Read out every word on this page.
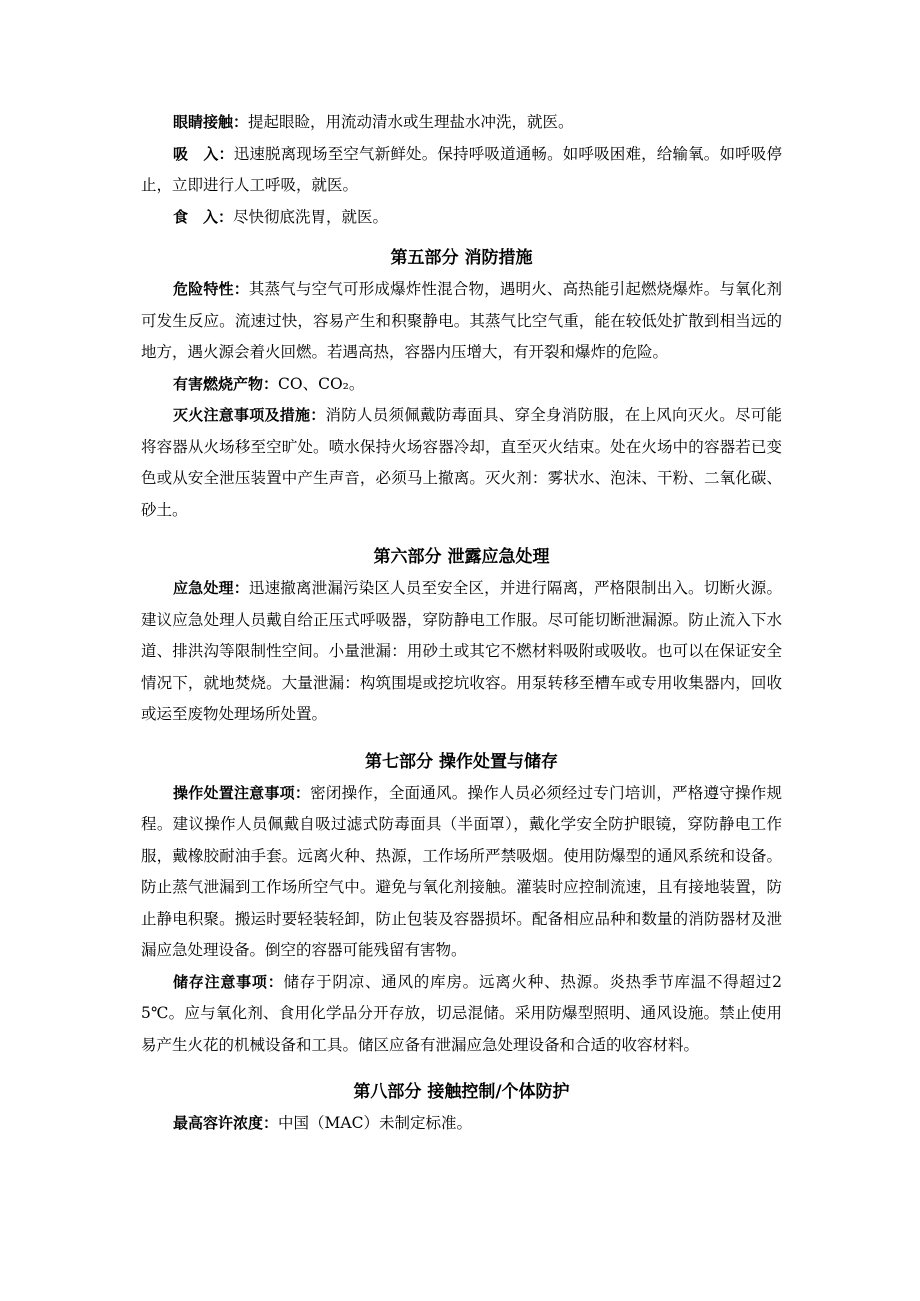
眼睛接触：提起眼睑，用流动清水或生理盐水冲洗，就医。

吸　入：迅速脱离现场至空气新鲜处。保持呼吸道通畅。如呼吸困难，给输氧。如呼吸停止，立即进行人工呼吸，就医。

食　入：尽快彻底洗胃，就医。

第五部分 消防措施

危险特性：其蒸气与空气可形成爆炸性混合物，遇明火、高热能引起燃烧爆炸。与氧化剂可发生反应。流速过快，容易产生和积聚静电。其蒸气比空气重，能在较低处扩散到相当远的地方，遇火源会着火回燃。若遇高热，容器内压增大，有开裂和爆炸的危险。

有害燃烧产物：CO、CO₂。

灭火注意事项及措施：消防人员须佩戴防毒面具、穿全身消防服，在上风向灭火。尽可能将容器从火场移至空旷处。喷水保持火场容器冷却，直至灭火结束。处在火场中的容器若已变色或从安全泄压装置中产生声音，必须马上撤离。灭火剂：雾状水、泡沫、干粉、二氧化碳、砂土。

第六部分 泄露应急处理

应急处理：迅速撤离泄漏污染区人员至安全区，并进行隔离，严格限制出入。切断火源。建议应急处理人员戴自给正压式呼吸器，穿防静电工作服。尽可能切断泄漏源。防止流入下水道、排洪沟等限制性空间。小量泄漏：用砂土或其它不燃材料吸附或吸收。也可以在保证安全情况下，就地焚烧。大量泄漏：构筑围堤或挖坑收容。用泵转移至槽车或专用收集器内，回收或运至废物处理场所处置。

第七部分 操作处置与储存

操作处置注意事项：密闭操作，全面通风。操作人员必须经过专门培训，严格遵守操作规程。建议操作人员佩戴自吸过滤式防毒面具（半面罩），戴化学安全防护眼镜，穿防静电工作服，戴橡胶耐油手套。远离火种、热源，工作场所严禁吸烟。使用防爆型的通风系统和设备。防止蒸气泄漏到工作场所空气中。避免与氧化剂接触。灌装时应控制流速，且有接地装置，防止静电积聚。搬运时要轻装轻卸，防止包装及容器损坏。配备相应品种和数量的消防器材及泄漏应急处理设备。倒空的容器可能残留有害物。

储存注意事项：储存于阴凉、通风的库房。远离火种、热源。炎热季节库温不得超过25℃。应与氧化剂、食用化学品分开存放，切忌混储。采用防爆型照明、通风设施。禁止使用易产生火花的机械设备和工具。储区应备有泄漏应急处理设备和合适的收容材料。

第八部分 接触控制/个体防护

最高容许浓度：中国（MAC）未制定标准。
